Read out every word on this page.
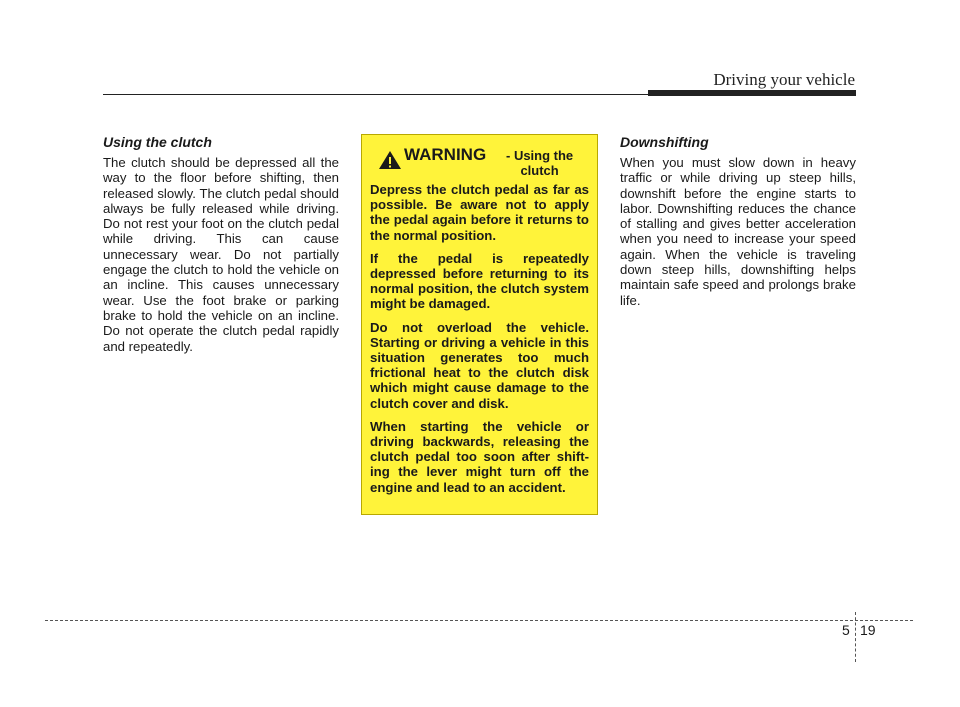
Driving your vehicle
Using the clutch

The clutch should be depressed all the way to the floor before shifting, then released slowly. The clutch pedal should always be fully released while driving. Do not rest your foot on the clutch pedal while driving. This can cause unnecessary wear. Do not partially engage the clutch to hold the vehicle on an incline. This causes unnecessary wear. Use the foot brake or parking brake to hold the vehicle on an incline. Do not operate the clutch pedal rapidly and repeatedly.

WARNING	- Using the clutch

Depress the clutch pedal as far as possible. Be aware not to apply the pedal again before it returns to the normal position.

If the pedal is repeatedly depressed before returning to its normal position, the clutch system might be damaged.

Do not overload the vehicle. Starting or driving a vehicle in this situation generates too much frictional heat to the clutch disk which might cause damage to the clutch cover and disk.

When starting the vehicle or driving backwards, releasing the clutch pedal too soon after shift-ing the lever might turn off the engine and lead to an accident.

Downshifting

When you must slow down in heavy traffic or while driving up steep hills, downshift before the engine starts to labor. Downshifting reduces the chance of stalling and gives better acceleration when you need to increase your speed again. When the vehicle is traveling down steep hills, downshifting helps maintain safe speed and prolongs brake life.

5 19
